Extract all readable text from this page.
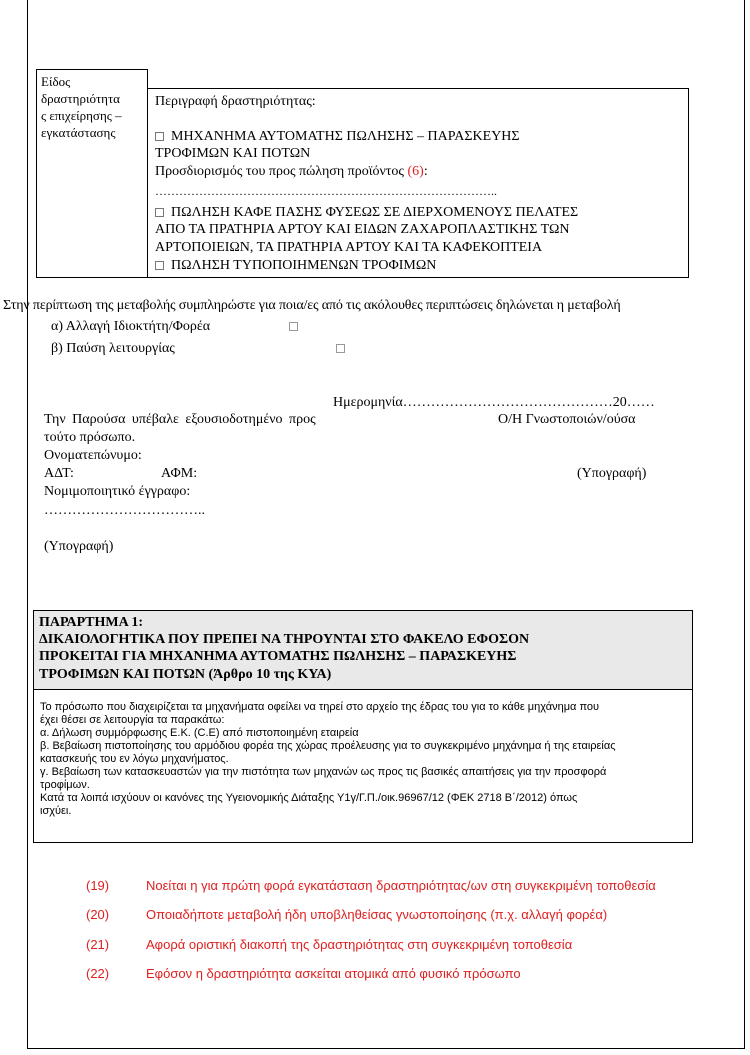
Είδος
δραστηριότητα
ς επιχείρησης –
εγκατάστασης
Περιγραφή δραστηριότητας:
ΜΗΧΑΝΗΜΑ ΑΥΤΟΜΑΤΗΣ ΠΩΛΗΣΗΣ – ΠΑΡΑΣΚΕΥΗΣ
ΤΡΟΦΙΜΩΝ ΚΑΙ ΠΟΤΩΝ
Προσδιορισμός του προς πώληση προϊόντος (6):
…………………………………………………………………………..
ΠΩΛΗΣΗ ΚΑΦΕ ΠΑΣΗΣ ΦΥΣΕΩΣ ΣΕ ΔΙΕΡΧΟΜΕΝΟΥΣ ΠΕΛΑΤΕΣ
ΑΠΟ ΤΑ ΠΡΑΤΗΡΙΑ ΑΡΤΟΥ ΚΑΙ ΕΙΔΩΝ ΖΑΧΑΡΟΠΛΑΣΤΙΚΗΣ ΤΩΝ
ΑΡΤΟΠΟΙΕΙΩΝ, ΤΑ ΠΡΑΤΗΡΙΑ ΑΡΤΟΥ ΚΑΙ ΤΑ ΚΑΦΕΚΟΠΤΕΙΑ
ΠΩΛΗΣΗ ΤΥΠΟΠΟΙΗΜΕΝΩΝ ΤΡΟΦΙΜΩΝ
Στην περίπτωση της μεταβολής συμπληρώστε για ποια/ες από τις ακόλουθες περιπτώσεις δηλώνεται η μεταβολή
α) Αλλαγή Ιδιοκτήτη/Φορέα
β) Παύση λειτουργίας
Ημερομηνία………………………………………20……
Την Παρούσα υπέβαλε εξουσιοδοτημένο προς	Ο/Η Γνωστοποιών/ούσα
τούτο πρόσωπο.
Ονοματεπώνυμο:
ΑΔΤ:	ΑΦΜ:	(Υπογραφή)
Νομιμοποιητικό έγγραφο:
……………………………..
(Υπογραφή)
ΠΑΡΑΡΤΗΜΑ 1:
ΔΙΚΑΙΟΛΟΓΗΤΙΚΑ ΠΟΥ ΠΡΕΠΕΙ ΝΑ ΤΗΡΟΥΝΤΑΙ ΣΤΟ ΦΑΚΕΛΟ ΕΦΟΣΟΝ
ΠΡΟΚΕΙΤΑΙ ΓΙΑ ΜΗΧΑΝΗΜΑ ΑΥΤΟΜΑΤΗΣ ΠΩΛΗΣΗΣ – ΠΑΡΑΣΚΕΥΗΣ
ΤΡΟΦΙΜΩΝ ΚΑΙ ΠΟΤΩΝ (Άρθρο 10 της ΚΥΑ)
Το πρόσωπο που διαχειρίζεται τα μηχανήματα οφείλει να τηρεί στο αρχείο της έδρας του για το κάθε μηχάνημα που
έχει θέσει σε λειτουργία τα παρακάτω:
α. Δήλωση συμμόρφωσης Ε.Κ. (C.E) από πιστοποιημένη εταιρεία
β. Βεβαίωση πιστοποίησης του αρμόδιου φορέα της χώρας προέλευσης για το συγκεκριμένο μηχάνημα ή της εταιρείας
κατασκευής του εν λόγω μηχανήματος.
γ. Βεβαίωση των κατασκευαστών για την πιστότητα των μηχανών ως προς τις βασικές απαιτήσεις για την προσφορά
τροφίμων.
Κατά τα λοιπά ισχύουν οι κανόνες της Υγειονομικής Διάταξης Υ1γ/Γ.Π./οικ.96967/12 (ΦΕΚ 2718 Β΄/2012) όπως
ισχύει.
(19)	Νοείται η για πρώτη φορά εγκατάσταση δραστηριότητας/ων στη συγκεκριμένη τοποθεσία
(20)	Οποιαδήποτε μεταβολή ήδη υποβληθείσας γνωστοποίησης (π.χ. αλλαγή φορέα)
(21)	Αφορά οριστική διακοπή της δραστηριότητας στη συγκεκριμένη τοποθεσία
(22)	Εφόσον η δραστηριότητα ασκείται ατομικά από φυσικό πρόσωπο
